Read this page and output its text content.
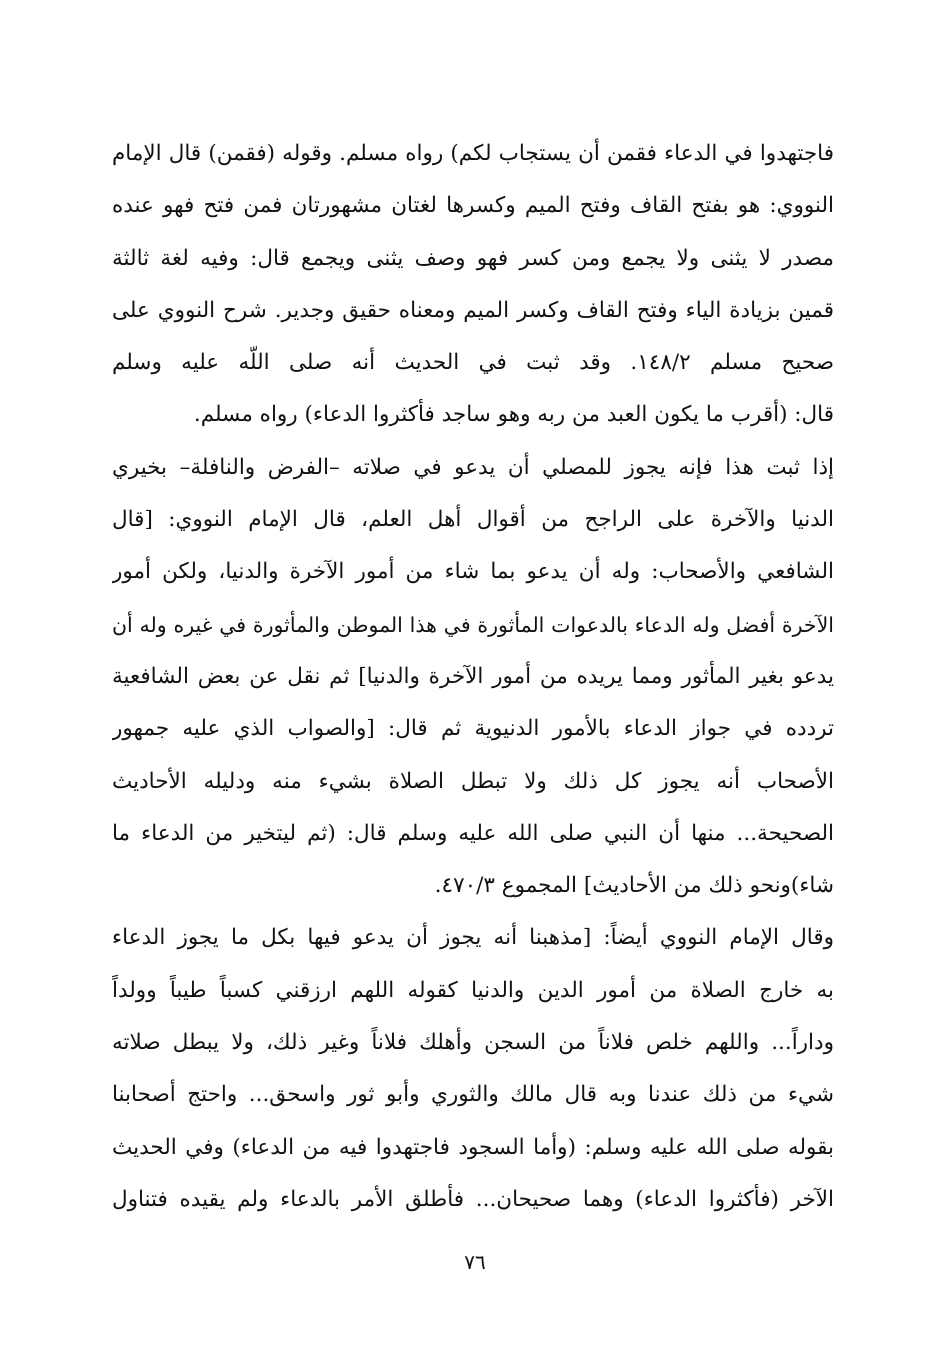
فاجتهدوا في الدعاء فقمن أن يستجاب لكم) رواه مسلم. وقوله (فقمن) قال الإمام
النووي: هو بفتح القاف وفتح الميم وكسرها لغتان مشهورتان فمن فتح فهو عنده
مصدر لا يثنى ولا يجمع ومن كسر فهو وصف يثنى ويجمع قال: وفيه لغة ثالثة
قمين بزيادة الياء وفتح القاف وكسر الميم ومعناه حقيق وجدير. شرح النووي على
صحيح مسلم ١٤٨/٢. وقد ثبت في الحديث أنه صلى اللّه عليه وسلم
قال: (أقرب ما يكون العبد من ربه وهو ساجد فأكثروا الدعاء) رواه مسلم.
إذا ثبت هذا فإنه يجوز للمصلي أن يدعو في صلاته –الفرض والنافلة– بخيري
الدنيا والآخرة على الراجح من أقوال أهل العلم، قال الإمام النووي: [قال
الشافعي والأصحاب: وله أن يدعو بما شاء من أمور الآخرة والدنيا، ولكن أمور
الآخرة أفضل وله الدعاء بالدعوات المأثورة في هذا الموطن والمأثورة في غيره وله أن
يدعو بغير المأثور ومما يريده من أمور الآخرة والدنيا] ثم نقل عن بعض الشافعية
تردده في جواز الدعاء بالأمور الدنيوية ثم قال: [والصواب الذي عليه جمهور
الأصحاب أنه يجوز كل ذلك ولا تبطل الصلاة بشيء منه ودليله الأحاديث
الصحيحة... منها أن النبي صلى الله عليه وسلم قال: (ثم ليتخير من الدعاء ما
شاء)ونحو ذلك من الأحاديث] المجموع ٤٧٠/٣.
وقال الإمام النووي أيضاً: [مذهبنا أنه يجوز أن يدعو فيها بكل ما يجوز الدعاء
به خارج الصلاة من أمور الدين والدنيا كقوله اللهم ارزقني كسباً طيباً وولداً
وداراً... واللهم خلص فلاناً من السجن وأهلك فلاناً وغير ذلك، ولا يبطل صلاته
شيء من ذلك عندنا وبه قال مالك والثوري وأبو ثور واسحق... واحتج أصحابنا
بقوله صلى الله عليه وسلم: (وأما السجود فاجتهدوا فيه من الدعاء) وفي الحديث
الآخر (فأكثروا الدعاء) وهما صحيحان... فأطلق الأمر بالدعاء ولم يقيده فتناول
٧٦
